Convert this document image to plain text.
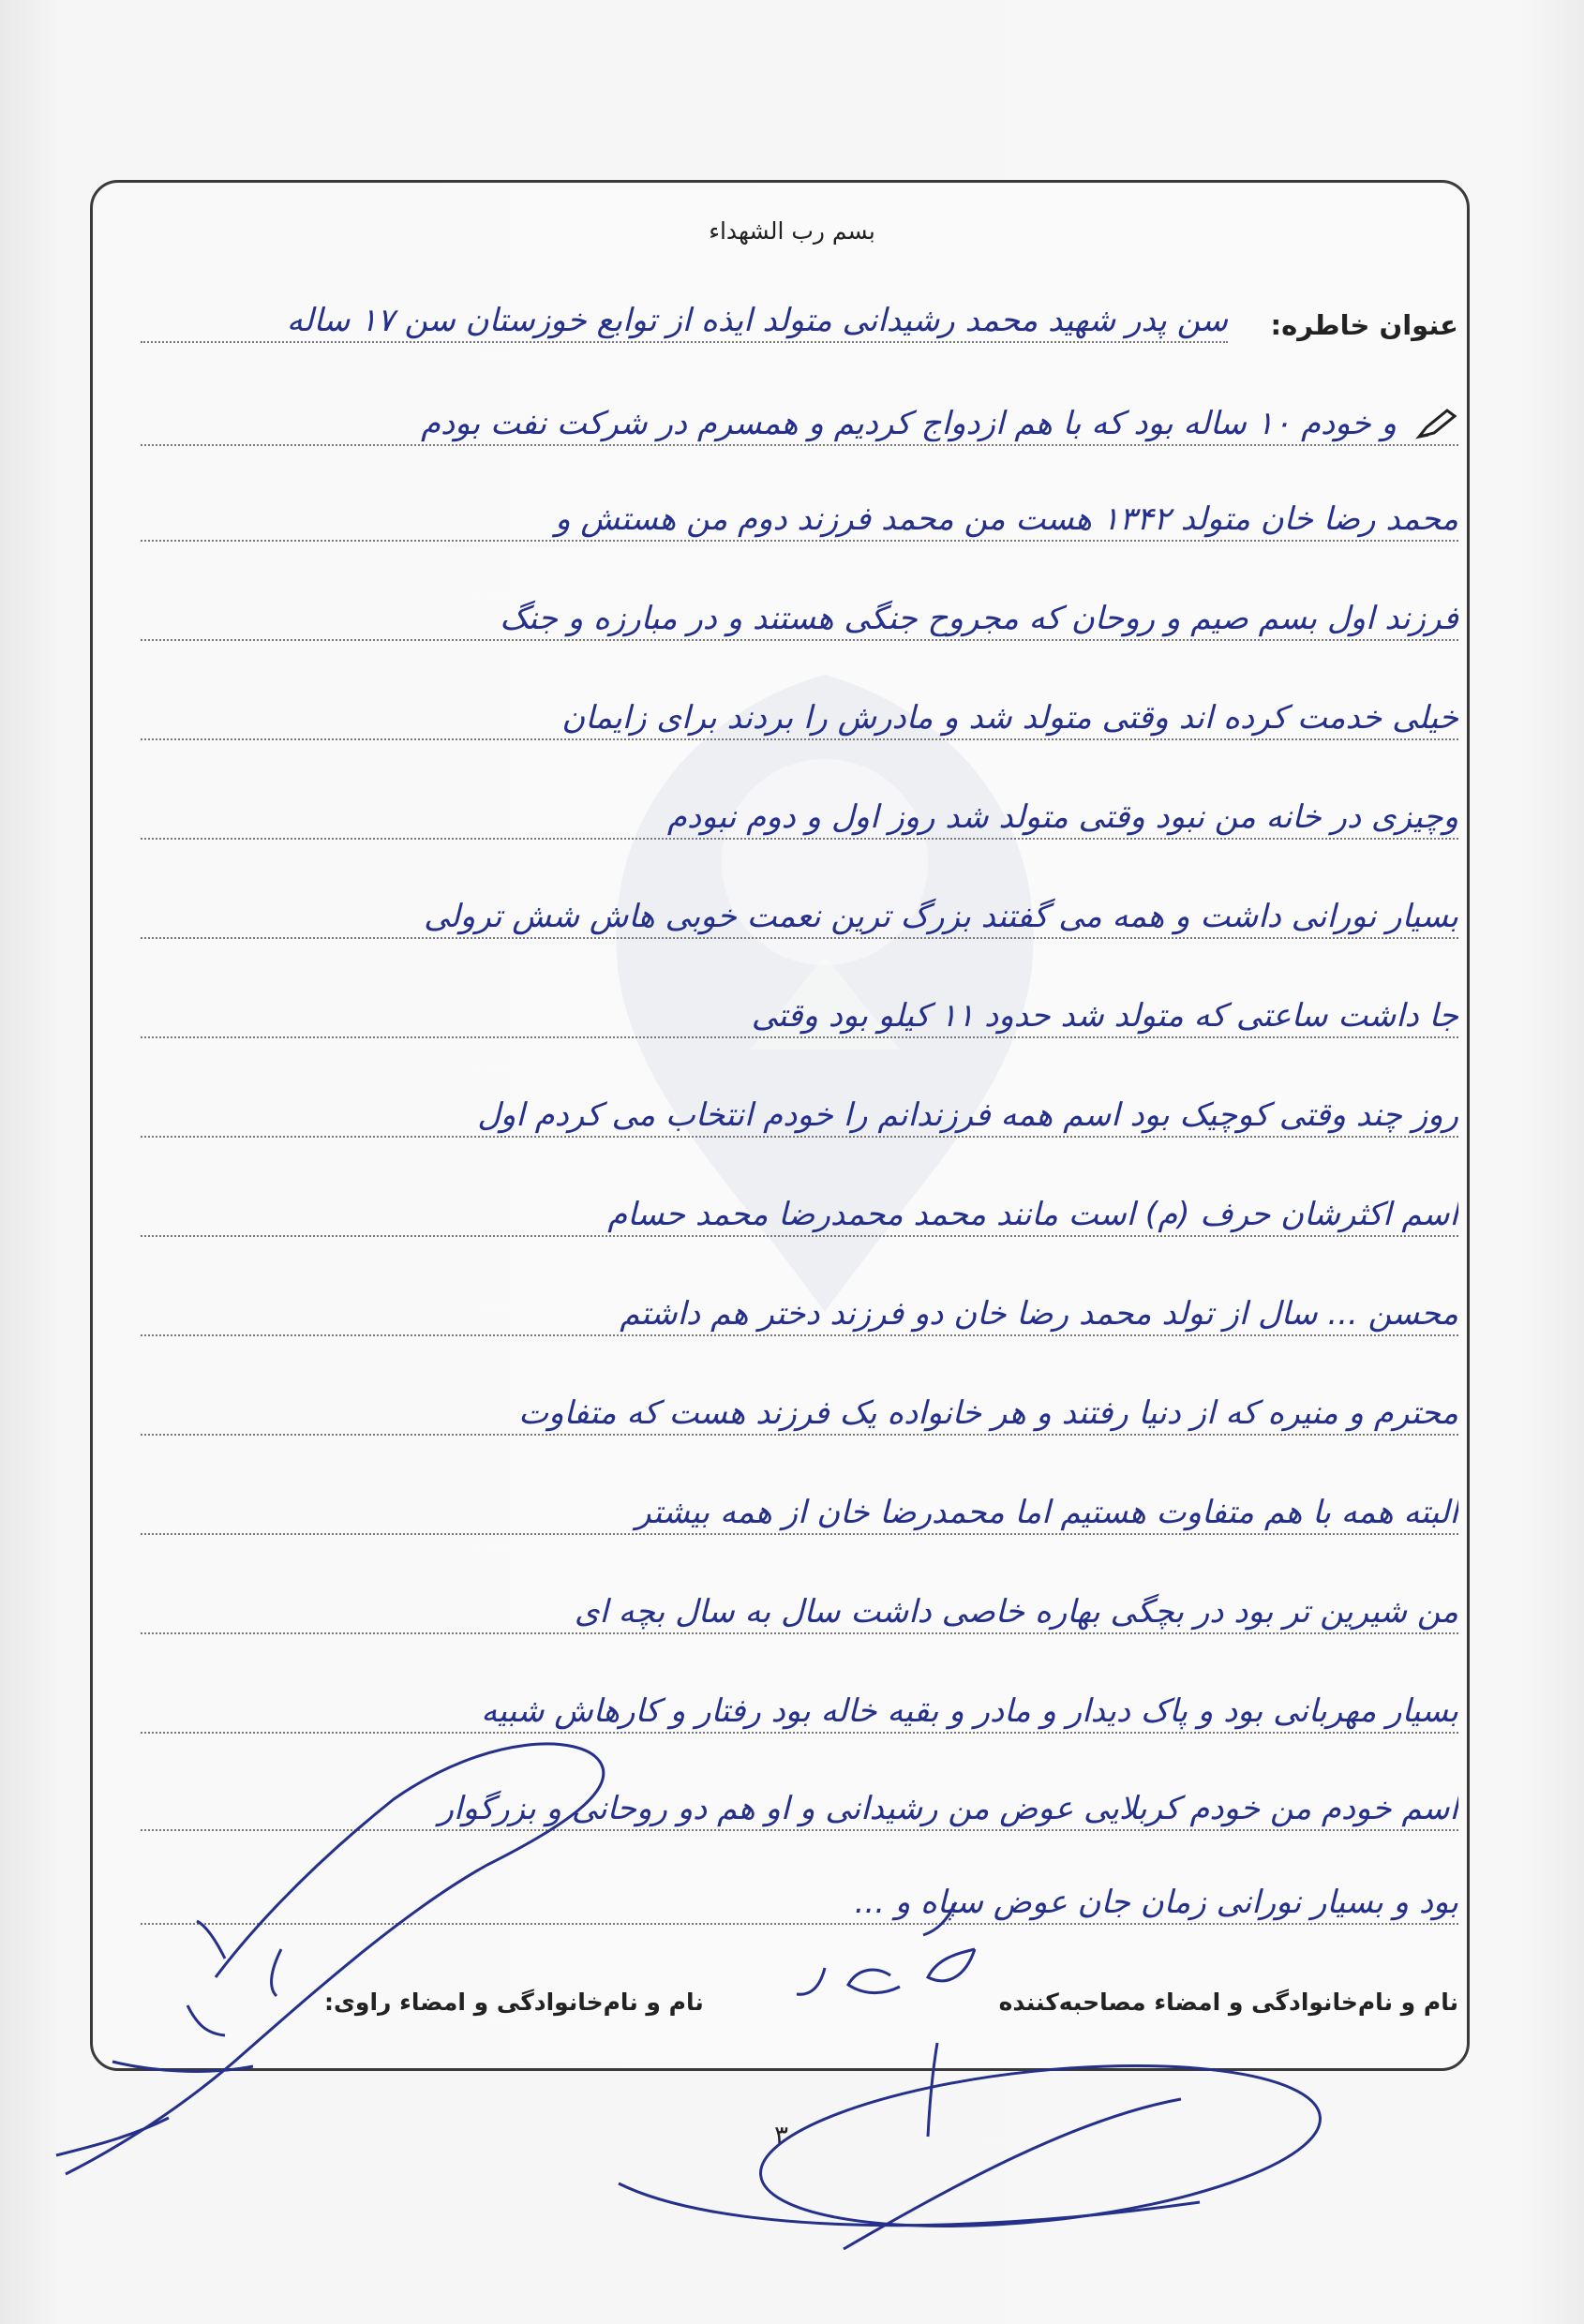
بسم رب الشهداء
عنوان خاطره:
سن پدر شهید محمد رشیدانی متولد ایذه از توابع خوزستان سن ۱۷ ساله
و خودم ۱۰ ساله بود که با هم ازدواج کردیم و همسرم در شرکت نفت بودم
محمد رضا خان متولد ۱۳۴۲ هست من محمد فرزند دوم من هستش و
فرزند اول بسم صیم و روحان که مجروح جنگی هستند و در مبارزه و جنگ
خیلی خدمت کرده اند وقتی متولد شد و مادرش را بردند برای زایمان
وچیزی در خانه من نبود وقتی متولد شد روز اول و دوم نبودم
بسیار نورانی داشت و همه می گفتند بزرگ ترین نعمت خوبی هاش شش ترولی
جا داشت ساعتی که متولد شد حدود ۱۱ کیلو بود وقتی
روز چند وقتی کوچیک بود اسم همه فرزندانم را خودم انتخاب می کردم اول
اسم اکثرشان حرف (م) است مانند محمد محمدرضا محمد حسام
محسن ... سال از تولد محمد رضا خان دو فرزند دختر هم داشتم
محترم و منیره که از دنیا رفتند و هر خانواده یک فرزند هست که متفاوت
البته همه با هم متفاوت هستیم اما محمدرضا خان از همه بیشتر
من شیرین تر بود در بچگی بهاره خاصی داشت سال به سال بچه ای
بسیار مهربانی بود و پاک دیدار و مادر و بقیه خاله بود رفتار و کارهاش شبیه
اسم خودم من خودم کربلایی عوض من رشیدانی و او هم دو روحانی و بزرگوار
بود و بسیار نورانی زمان جان عوض سپاه و ...
نام و نام‌خانوادگی و امضاء مصاحبه‌کننده
نام و نام‌خانوادگی و امضاء راوی:
۳
